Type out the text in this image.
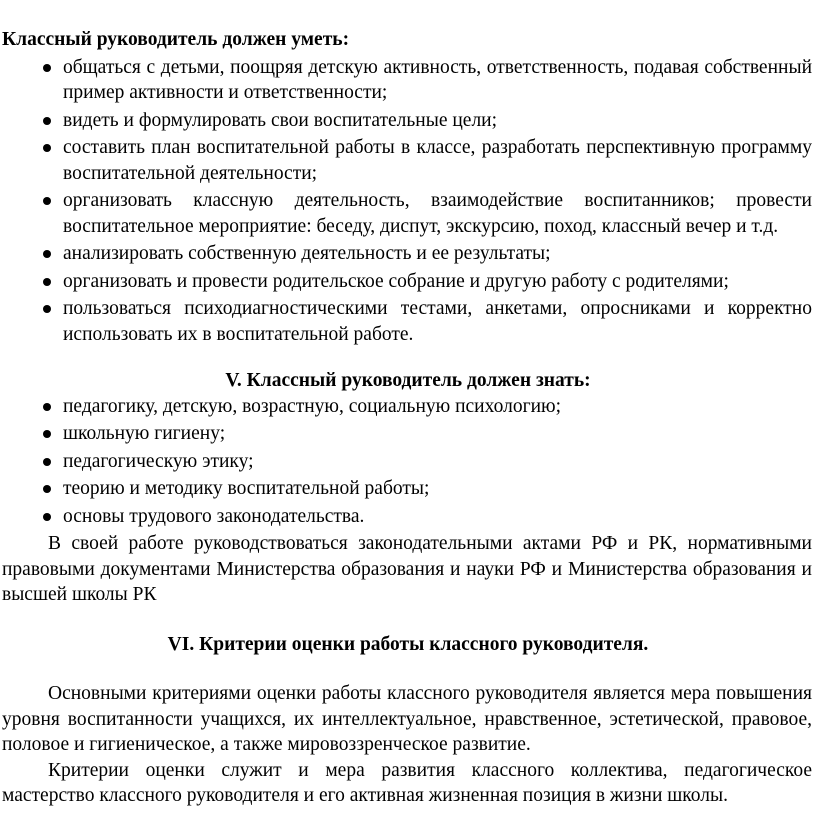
Классный руководитель должен уметь:
общаться с детьми, поощряя детскую активность, ответственность, подавая собственный пример активности и ответственности;
видеть и формулировать свои воспитательные цели;
составить план воспитательной работы в классе, разработать перспективную программу воспитательной деятельности;
организовать классную деятельность, взаимодействие воспитанников; провести воспитательное мероприятие: беседу, диспут, экскурсию, поход, классный вечер и т.д.
анализировать собственную деятельность и ее результаты;
организовать и провести родительское собрание и другую работу с родителями;
пользоваться психодиагностическими тестами, анкетами, опросниками и корректно использовать их в воспитательной работе.
V. Классный руководитель должен знать:
педагогику, детскую, возрастную, социальную психологию;
школьную гигиену;
педагогическую этику;
теорию и методику воспитательной работы;
основы трудового законодательства.

В своей работе руководствоваться законодательными актами РФ и РК, нормативными правовыми документами Министерства образования и науки РФ и Министерства образования и высшей школы РК

VI. Критерии оценки работы классного руководителя.

Основными критериями оценки работы классного руководителя является мера повышения уровня воспитанности учащихся, их интеллектуальное, нравственное, эстетической, правовое, половое и гигиеническое, а также мировоззренческое развитие.

Критерии оценки служит и мера развития классного коллектива, педагогическое мастерство классного руководителя и его активная жизненная позиция в жизни школы.
